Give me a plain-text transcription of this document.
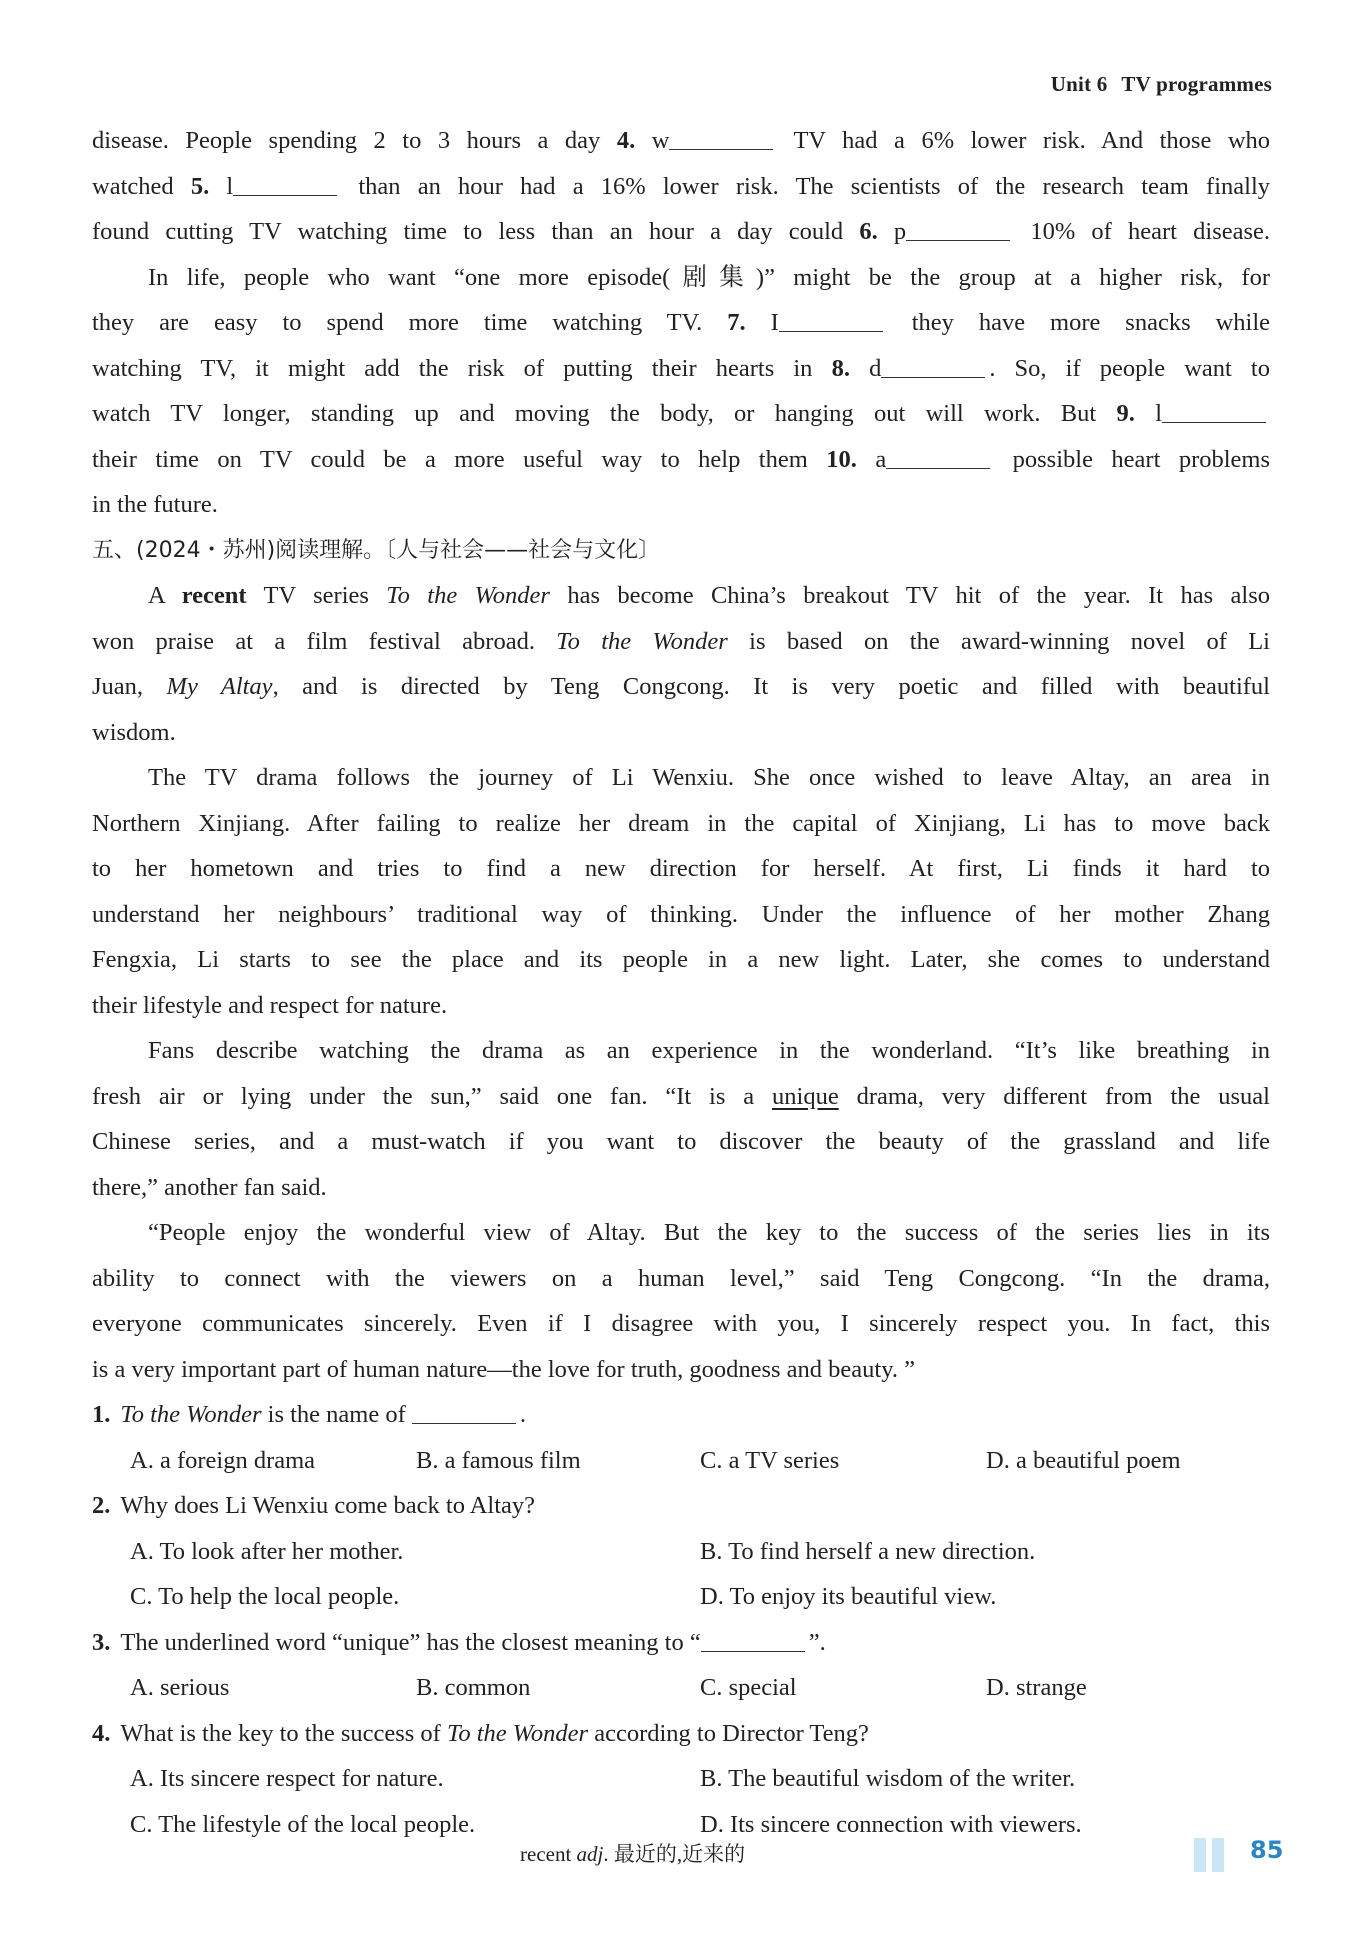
Unit 6 TV programmes
disease. People spending 2 to 3 hours a day 4. w	TV had a 6% lower risk. And those who
watched 5. l	than an hour had a 16% lower risk. The scientists of the research team finally
found cutting TV watching time to less than an hour a day could 6. p	10% of heart disease.
In life, people who want “one more episode(剧集)” might be the group at a higher risk, for
they are easy to spend more time watching TV. 7. I	they have more snacks while
watching TV, it might add the risk of putting their hearts in 8. d	. So, if people want to
watch TV longer, standing up and moving the body, or hanging out will work. But 9. l
their time on TV could be a more useful way to help them 10. a	possible heart problems
in the future.
五、(2024・苏州)阅读理解。〔人与社会——社会与文化〕
A recent TV series To the Wonder has become China’s breakout TV hit of the year. It has also
won praise at a film festival abroad. To the Wonder is based on the award-winning novel of Li
Juan, My Altay, and is directed by Teng Congcong. It is very poetic and filled with beautiful
wisdom.
The TV drama follows the journey of Li Wenxiu. She once wished to leave Altay, an area in
Northern Xinjiang. After failing to realize her dream in the capital of Xinjiang, Li has to move back
to her hometown and tries to find a new direction for herself. At first, Li finds it hard to
understand her neighbours’ traditional way of thinking. Under the influence of her mother Zhang
Fengxia, Li starts to see the place and its people in a new light. Later, she comes to understand
their lifestyle and respect for nature.
Fans describe watching the drama as an experience in the wonderland. “It’s like breathing in
fresh air or lying under the sun,” said one fan. “It is a unique drama, very different from the usual
Chinese series, and a must-watch if you want to discover the beauty of the grassland and life
there,” another fan said.
“People enjoy the wonderful view of Altay. But the key to the success of the series lies in its
ability to connect with the viewers on a human level,” said Teng Congcong. “In the drama,
everyone communicates sincerely. Even if I disagree with you, I sincerely respect you. In fact, this
is a very important part of human nature—the love for truth, goodness and beauty. ”
1. To the Wonder is the name of	.
A. a foreign drama	B. a famous film	C. a TV series	D. a beautiful poem
2. Why does Li Wenxiu come back to Altay?
A. To look after her mother.	B. To find herself a new direction.
C. To help the local people.	D. To enjoy its beautiful view.
3. The underlined word “unique” has the closest meaning to “	”.
A. serious	B. common	C. special	D. strange
4. What is the key to the success of To the Wonder according to Director Teng?
A. Its sincere respect for nature.	B. The beautiful wisdom of the writer.
C. The lifestyle of the local people.	D. Its sincere connection with viewers.
recent adj. 最近的,近来的	85
